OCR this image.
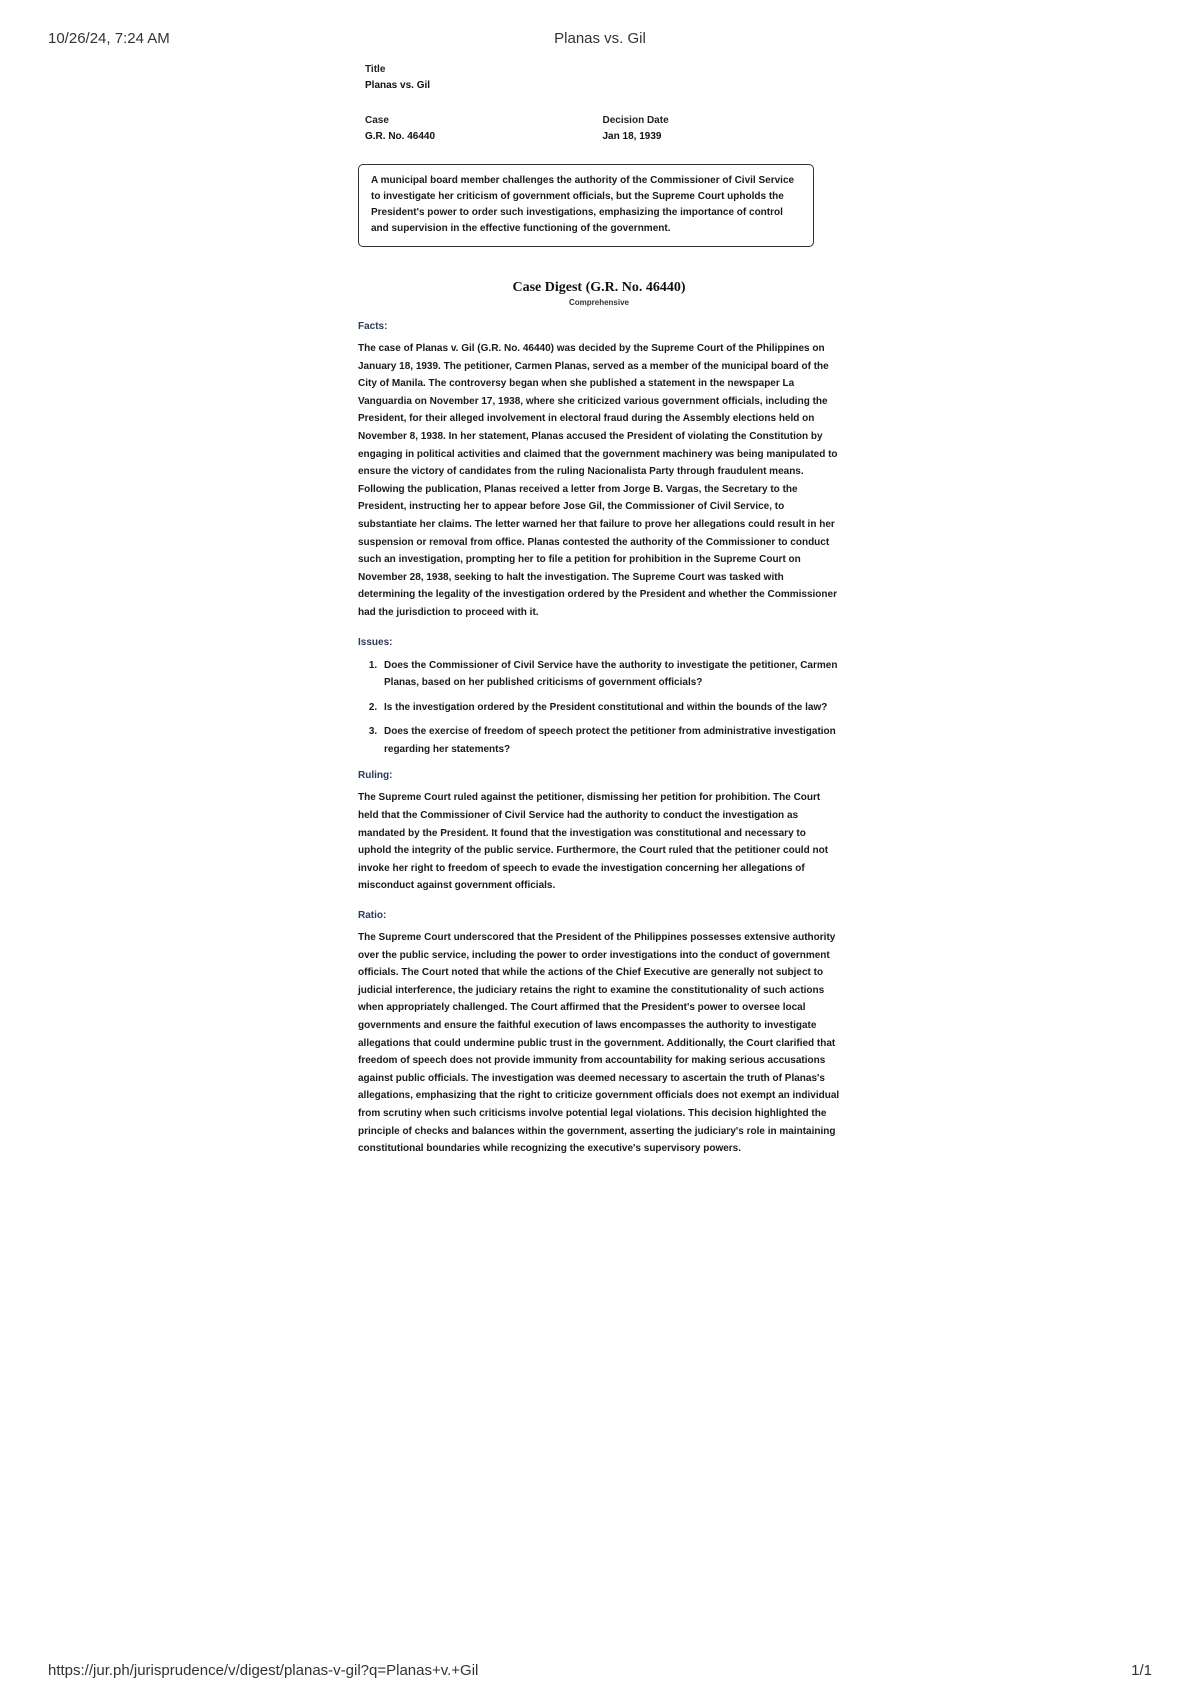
10/26/24, 7:24 AM	Planas vs. Gil
Title
Planas vs. Gil
Case
G.R. No. 46440
Decision Date
Jan 18, 1939
A municipal board member challenges the authority of the Commissioner of Civil Service to investigate her criticism of government officials, but the Supreme Court upholds the President's power to order such investigations, emphasizing the importance of control and supervision in the effective functioning of the government.
Case Digest (G.R. No. 46440)
Comprehensive
Facts:
The case of Planas v. Gil (G.R. No. 46440) was decided by the Supreme Court of the Philippines on January 18, 1939. The petitioner, Carmen Planas, served as a member of the municipal board of the City of Manila. The controversy began when she published a statement in the newspaper La Vanguardia on November 17, 1938, where she criticized various government officials, including the President, for their alleged involvement in electoral fraud during the Assembly elections held on November 8, 1938. In her statement, Planas accused the President of violating the Constitution by engaging in political activities and claimed that the government machinery was being manipulated to ensure the victory of candidates from the ruling Nacionalista Party through fraudulent means. Following the publication, Planas received a letter from Jorge B. Vargas, the Secretary to the President, instructing her to appear before Jose Gil, the Commissioner of Civil Service, to substantiate her claims. The letter warned her that failure to prove her allegations could result in her suspension or removal from office. Planas contested the authority of the Commissioner to conduct such an investigation, prompting her to file a petition for prohibition in the Supreme Court on November 28, 1938, seeking to halt the investigation. The Supreme Court was tasked with determining the legality of the investigation ordered by the President and whether the Commissioner had the jurisdiction to proceed with it.
Issues:
1. Does the Commissioner of Civil Service have the authority to investigate the petitioner, Carmen Planas, based on her published criticisms of government officials?
2. Is the investigation ordered by the President constitutional and within the bounds of the law?
3. Does the exercise of freedom of speech protect the petitioner from administrative investigation regarding her statements?
Ruling:
The Supreme Court ruled against the petitioner, dismissing her petition for prohibition. The Court held that the Commissioner of Civil Service had the authority to conduct the investigation as mandated by the President. It found that the investigation was constitutional and necessary to uphold the integrity of the public service. Furthermore, the Court ruled that the petitioner could not invoke her right to freedom of speech to evade the investigation concerning her allegations of misconduct against government officials.
Ratio:
The Supreme Court underscored that the President of the Philippines possesses extensive authority over the public service, including the power to order investigations into the conduct of government officials. The Court noted that while the actions of the Chief Executive are generally not subject to judicial interference, the judiciary retains the right to examine the constitutionality of such actions when appropriately challenged. The Court affirmed that the President's power to oversee local governments and ensure the faithful execution of laws encompasses the authority to investigate allegations that could undermine public trust in the government. Additionally, the Court clarified that freedom of speech does not provide immunity from accountability for making serious accusations against public officials. The investigation was deemed necessary to ascertain the truth of Planas's allegations, emphasizing that the right to criticize government officials does not exempt an individual from scrutiny when such criticisms involve potential legal violations. This decision highlighted the principle of checks and balances within the government, asserting the judiciary's role in maintaining constitutional boundaries while recognizing the executive's supervisory powers.
https://jur.ph/jurisprudence/v/digest/planas-v-gil?q=Planas+v.+Gil	1/1
